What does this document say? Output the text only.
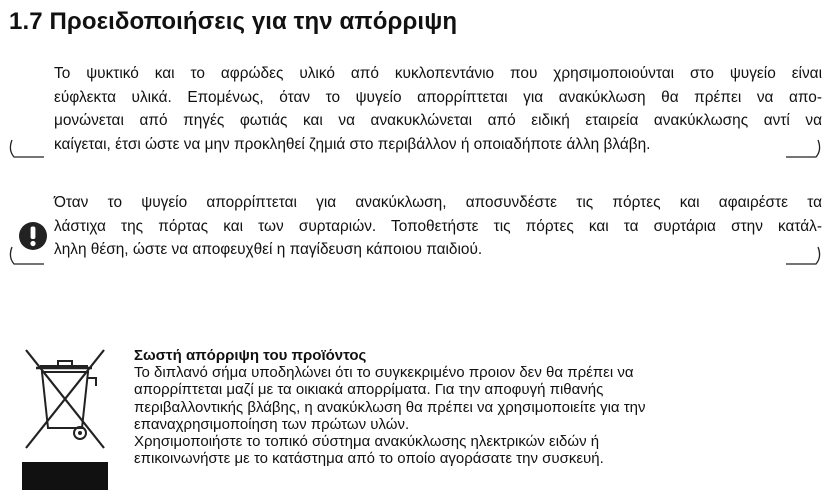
1.7 Προειδοποιήσεις για την απόρριψη

Το ψυκτικό και το αφρώδες υλικό από κυκλοπεντάνιο που χρησιμοποιούνται στο ψυγείο είναι
εύφλεκτα υλικά. Επομένως, όταν το ψυγείο απορρίπτεται για ανακύκλωση θα πρέπει να απο-
μονώνεται από πηγές φωτιάς και να ανακυκλώνεται από ειδική εταιρεία ανακύκλωσης αντί να
καίγεται, έτσι ώστε να μην προκληθεί ζημιά στο περιβάλλον ή οποιαδήποτε άλλη βλάβη.

Όταν το ψυγείο απορρίπτεται για ανακύκλωση, αποσυνδέστε τις πόρτες και αφαιρέστε τα
λάστιχα της πόρτας και των συρταριών. Τοποθετήστε τις πόρτες και τα συρτάρια στην κατάλ-
ληλη θέση, ώστε να αποφευχθεί η παγίδευση κάποιου παιδιού.

Σωστή απόρριψη του προϊόντος
Το διπλανό σήμα υποδηλώνει ότι το συγκεκριμένο προιον δεν θα πρέπει να
απορρίπτεται μαζί με τα οικιακά απορρίματα. Για την αποφυγή πιθανής
περιβαλλοντικής βλάβης, η ανακύκλωση θα πρέπει να χρησιμοποιείτε για την
επαναχρησιμοποίηση των πρώτων υλών.
Χρησιμοποιήστε το τοπικό σύστημα ανακύκλωσης ηλεκτρικών ειδών ή
επικοινωνήστε με το κατάστημα από το οποίο αγοράσατε την συσκευή.
